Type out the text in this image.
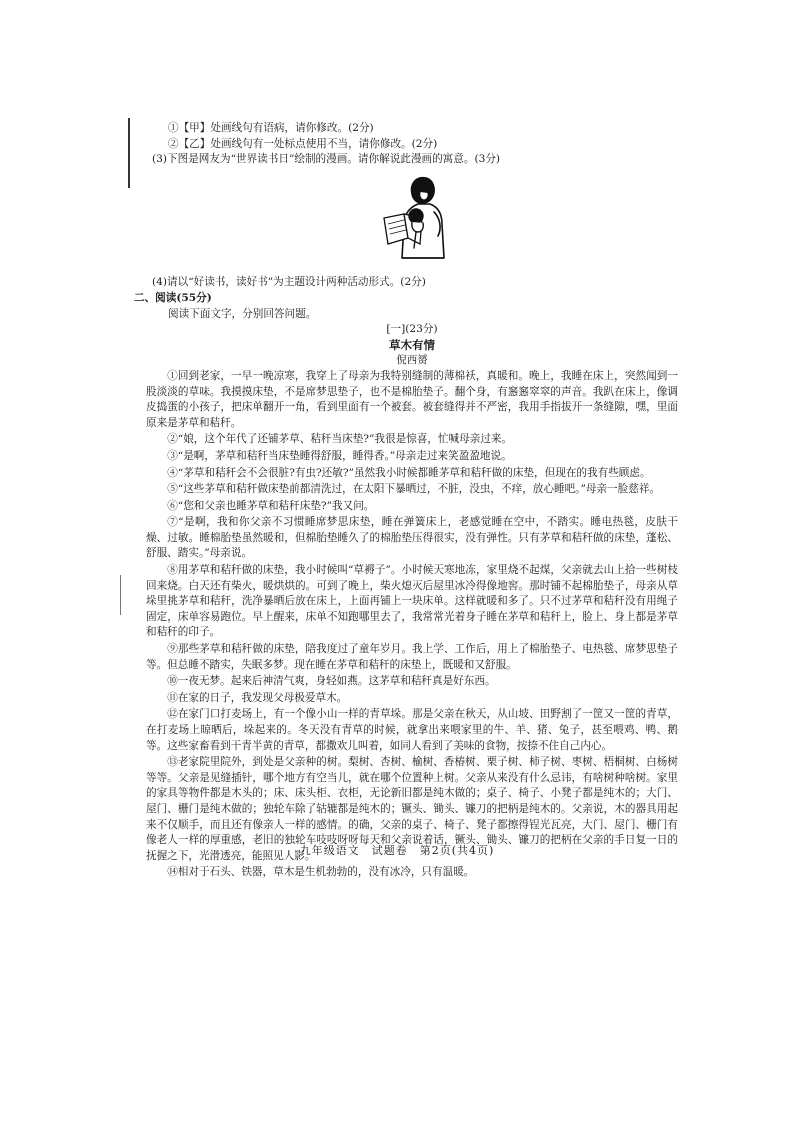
①【甲】处画线句有语病，请你修改。(2分)
②【乙】处画线句有一处标点使用不当，请你修改。(2分)
(3)下图是网友为“世界读书日”绘制的漫画。请你解说此漫画的寓意。(3分)
(4)请以“好读书，读好书”为主题设计两种活动形式。(2分)
二、阅读(55分)
阅读下面文字，分别回答问题。
[一](23分)
草木有情
倪西赟

①回到老家，一早一晚凉寒，我穿上了母亲为我特别缝制的薄棉袄，真暖和。晚上，我睡在床上，突然闻到一股淡淡的草味。我摸摸床垫，不是席梦思垫子，也不是棉胎垫子。翻个身，有窸窸窣窣的声音。我趴在床上，像调皮捣蛋的小孩子，把床单翻开一角，看到里面有一个被套。被套缝得并不严密，我用手指拔开一条缝隙，嘿，里面原来是茅草和秸秆。

②“娘，这个年代了还铺茅草、秸秆当床垫?”我很是惊喜，忙喊母亲过来。

③“是啊，茅草和秸秆当床垫睡得舒服，睡得香。”母亲走过来笑盈盈地说。

④“茅草和秸秆会不会很脏?有虫?还敏?”虽然我小时候都睡茅草和秸秆做的床垫，但现在的我有些顾虑。

⑤“这些茅草和秸秆做床垫前都清洗过，在太阳下暴晒过，不脏，没虫，不痒，放心睡吧。”母亲一脸慈祥。

⑥“您和父亲也睡茅草和秸秆床垫?”我又问。

⑦“是啊，我和你父亲不习惯睡席梦思床垫，睡在弹簧床上，老感觉睡在空中，不踏实。睡电热毯，皮肤干燥、过敏。睡棉胎垫虽然暖和，但棉胎垫睡久了的棉胎垫压得很实，没有弹性。只有茅草和秸秆做的床垫，蓬松、舒服、踏实。”母亲说。

⑧用茅草和秸秆做的床垫，我小时候叫“草褥子”。小时候天寒地冻，家里烧不起煤，父亲就去山上拾一些树枝回来烧。白天还有柴火，暖烘烘的。可到了晚上，柴火熄灭后屋里冰冷得像地窖。那时铺不起棉胎垫子，母亲从草垛里挑茅草和秸秆，洗净暴晒后放在床上，上面再铺上一块床单。这样就暖和多了。只不过茅草和秸秆没有用绳子固定，床单容易跑位。早上醒来，床单不知跑哪里去了，我常常光着身子睡在茅草和秸秆上，脸上、身上都是茅草和秸秆的印子。

⑨那些茅草和秸秆做的床垫，陪我度过了童年岁月。我上学、工作后，用上了棉胎垫子、电热毯、席梦思垫子等。但总睡不踏实，失眠多梦。现在睡在茅草和秸秆的床垫上，既暖和又舒服。

⑩一夜无梦。起来后神清气爽，身轻如燕。这茅草和秸秆真是好东西。

⑪在家的日子，我发现父母极爱草木。

⑫在家门口打麦场上，有一个像小山一样的青草垛。那是父亲在秋天，从山坡、田野割了一筐又一筐的青草，在打麦场上晾晒后，垛起来的。冬天没有青草的时候，就拿出来喂家里的牛、羊、猪、兔子，甚至喂鸡、鸭、鹅等。这些家畜看到干青半黄的青草，都撒欢儿叫着，如同人看到了美味的食物，按捺不住自己内心。

⑬老家院里院外，到处是父亲种的树。梨树、杏树、榆树、香椿树、栗子树、柿子树、枣树、梧桐树、白杨树等等。父亲是见缝插针，哪个地方有空当儿，就在哪个位置种上树。父亲从来没有什么忌讳，有啥树种啥树。家里的家具等物件都是木头的；床、床头柜、衣柜，无论新旧都是纯木做的；桌子、椅子、小凳子都是纯木的；大门、屋门、栅门是纯木做的；独轮车除了轱辘都是纯木的；镢头、锄头、镰刀的把柄是纯木的。父亲说，木的器具用起来不仅顺手，而且还有像亲人一样的感情。的确，父亲的桌子、椅子、凳子都擦得锃光瓦亮，大门、屋门、栅门有像老人一样的厚重感，老旧的独轮车吱吱呀呀每天和父亲说着话，镢头、锄头、镰刀的把柄在父亲的手日复一日的抚握之下，光滑透亮，能照见人影。

⑭相对于石头、铁器，草木是生机勃勃的，没有冰冷，只有温暖。

九年级语文　试题卷　第2页(共4页)
